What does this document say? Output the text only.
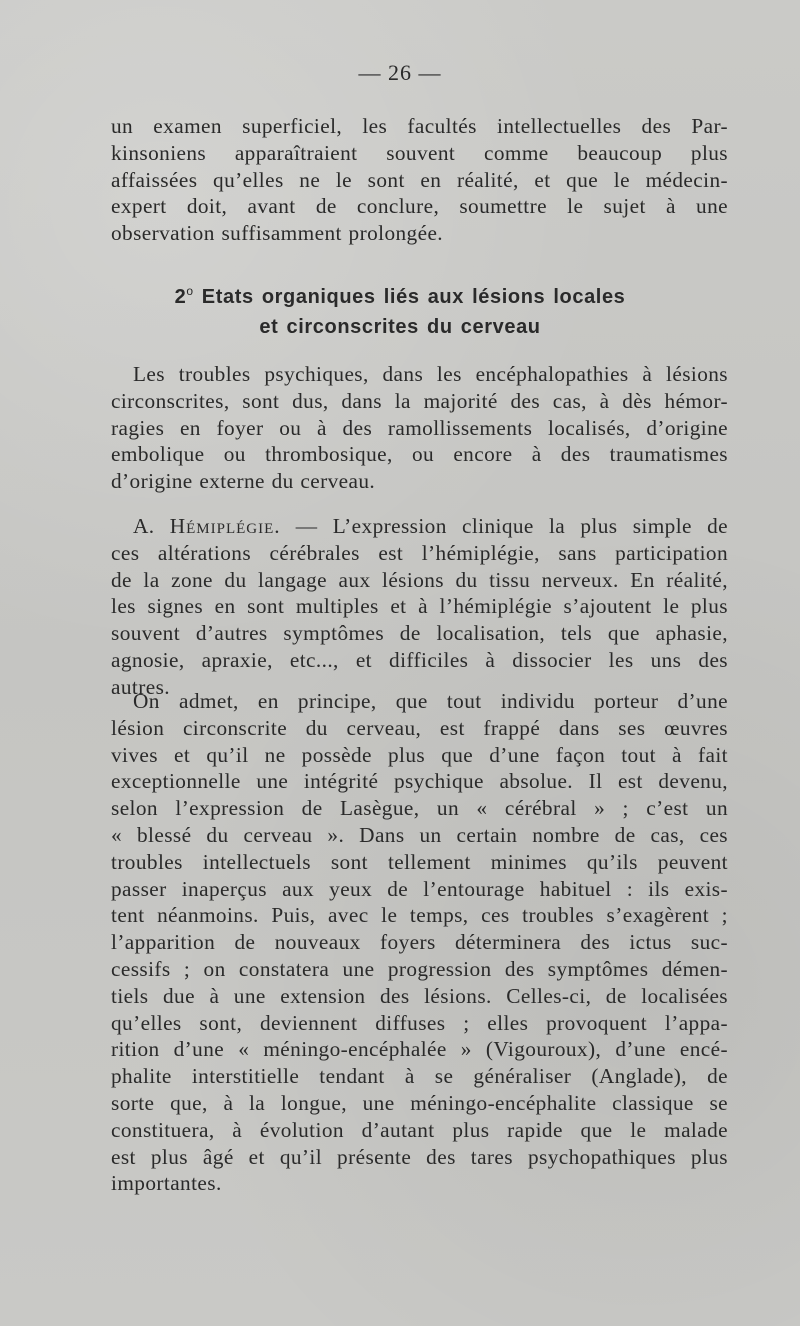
— 26 —
un examen superficiel, les facultés intellectuelles des Par-
kinsoniens apparaîtraient souvent comme beaucoup plus
affaissées qu’elles ne le sont en réalité, et que le médecin-
expert doit, avant de conclure, soumettre le sujet à une
observation suffisamment prolongée.
2$^o$ Etats organiques liés aux lésions locales
et circonscrites du cerveau
Les troubles psychiques, dans les encéphalopathies à lésions
circonscrites, sont dus, dans la majorité des cas, à dès hémor-
ragies en foyer ou à des ramollissements localisés, d’origine
embolique ou thrombosique, ou encore à des traumatismes
d’origine externe du cerveau.
A. Hémiplégie. — L’expression clinique la plus simple de
ces altérations cérébrales est l’hémiplégie, sans participation
de la zone du langage aux lésions du tissu nerveux. En réalité,
les signes en sont multiples et à l’hémiplégie s’ajoutent le plus
souvent d’autres symptômes de localisation, tels que aphasie,
agnosie, apraxie, etc..., et difficiles à dissocier les uns des
autres.
On admet, en principe, que tout individu porteur d’une
lésion circonscrite du cerveau, est frappé dans ses œuvres
vives et qu’il ne possède plus que d’une façon tout à fait
exceptionnelle une intégrité psychique absolue. Il est devenu,
selon l’expression de Lasègue, un « cérébral » ; c’est un
« blessé du cerveau ». Dans un certain nombre de cas, ces
troubles intellectuels sont tellement minimes qu’ils peuvent
passer inaperçus aux yeux de l’entourage habituel : ils exis-
tent néanmoins. Puis, avec le temps, ces troubles s’exagèrent ;
l’apparition de nouveaux foyers déterminera des ictus suc-
cessifs ; on constatera une progression des symptômes démen-
tiels due à une extension des lésions. Celles-ci, de localisées
qu’elles sont, deviennent diffuses ; elles provoquent l’appa-
rition d’une « méningo-encéphalée » (Vigouroux), d’une encé-
phalite interstitielle tendant à se généraliser (Anglade), de
sorte que, à la longue, une méningo-encéphalite classique se
constituera, à évolution d’autant plus rapide que le malade
est plus âgé et qu’il présente des tares psychopathiques plus
importantes.
